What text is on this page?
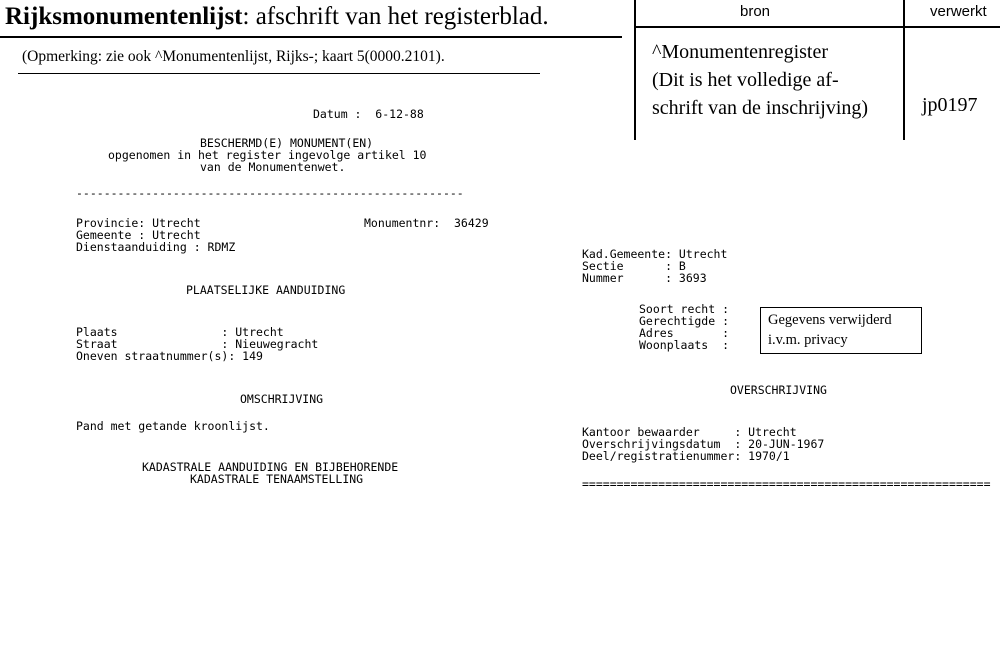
Rijksmonumentenlijst: afschrift van het registerblad.
(Opmerking: zie ook ^Monumentenlijst, Rijks-; kaart 5(0000.2101).
bron	verwerkt
^Monumentenregister
(Dit is het volledige af-
schrift van de inschrijving)	jp0197
Datum :  6-12-88
BESCHERMD(E) MONUMENT(EN)
opgenomen in het register ingevolge artikel 10
van de Monumentenwet.
--------------------------------------------------------
Provincie: Utrecht	Monumentnr:  36429
Gemeente : Utrecht
Dienstaanduiding : RDMZ
PLAATSELIJKE AANDUIDING
Plaats               : Utrecht
Straat               : Nieuwegracht
Oneven straatnummer(s): 149
OMSCHRIJVING
Pand met getande kroonlijst.
KADASTRALE AANDUIDING EN BIJBEHORENDE
KADASTRALE TENAAMSTELLING
Kad.Gemeente: Utrecht
Sectie      : B
Nummer      : 3693
Soort recht :
Gerechtigde :
Adres       :
Woonplaats  :
Gegevens verwijderd
i.v.m. privacy
OVERSCHRIJVING
Kantoor bewaarder     : Utrecht
Overschrijvingsdatum  : 20-JUN-1967
Deel/registratienummer: 1970/1
===========================================================
